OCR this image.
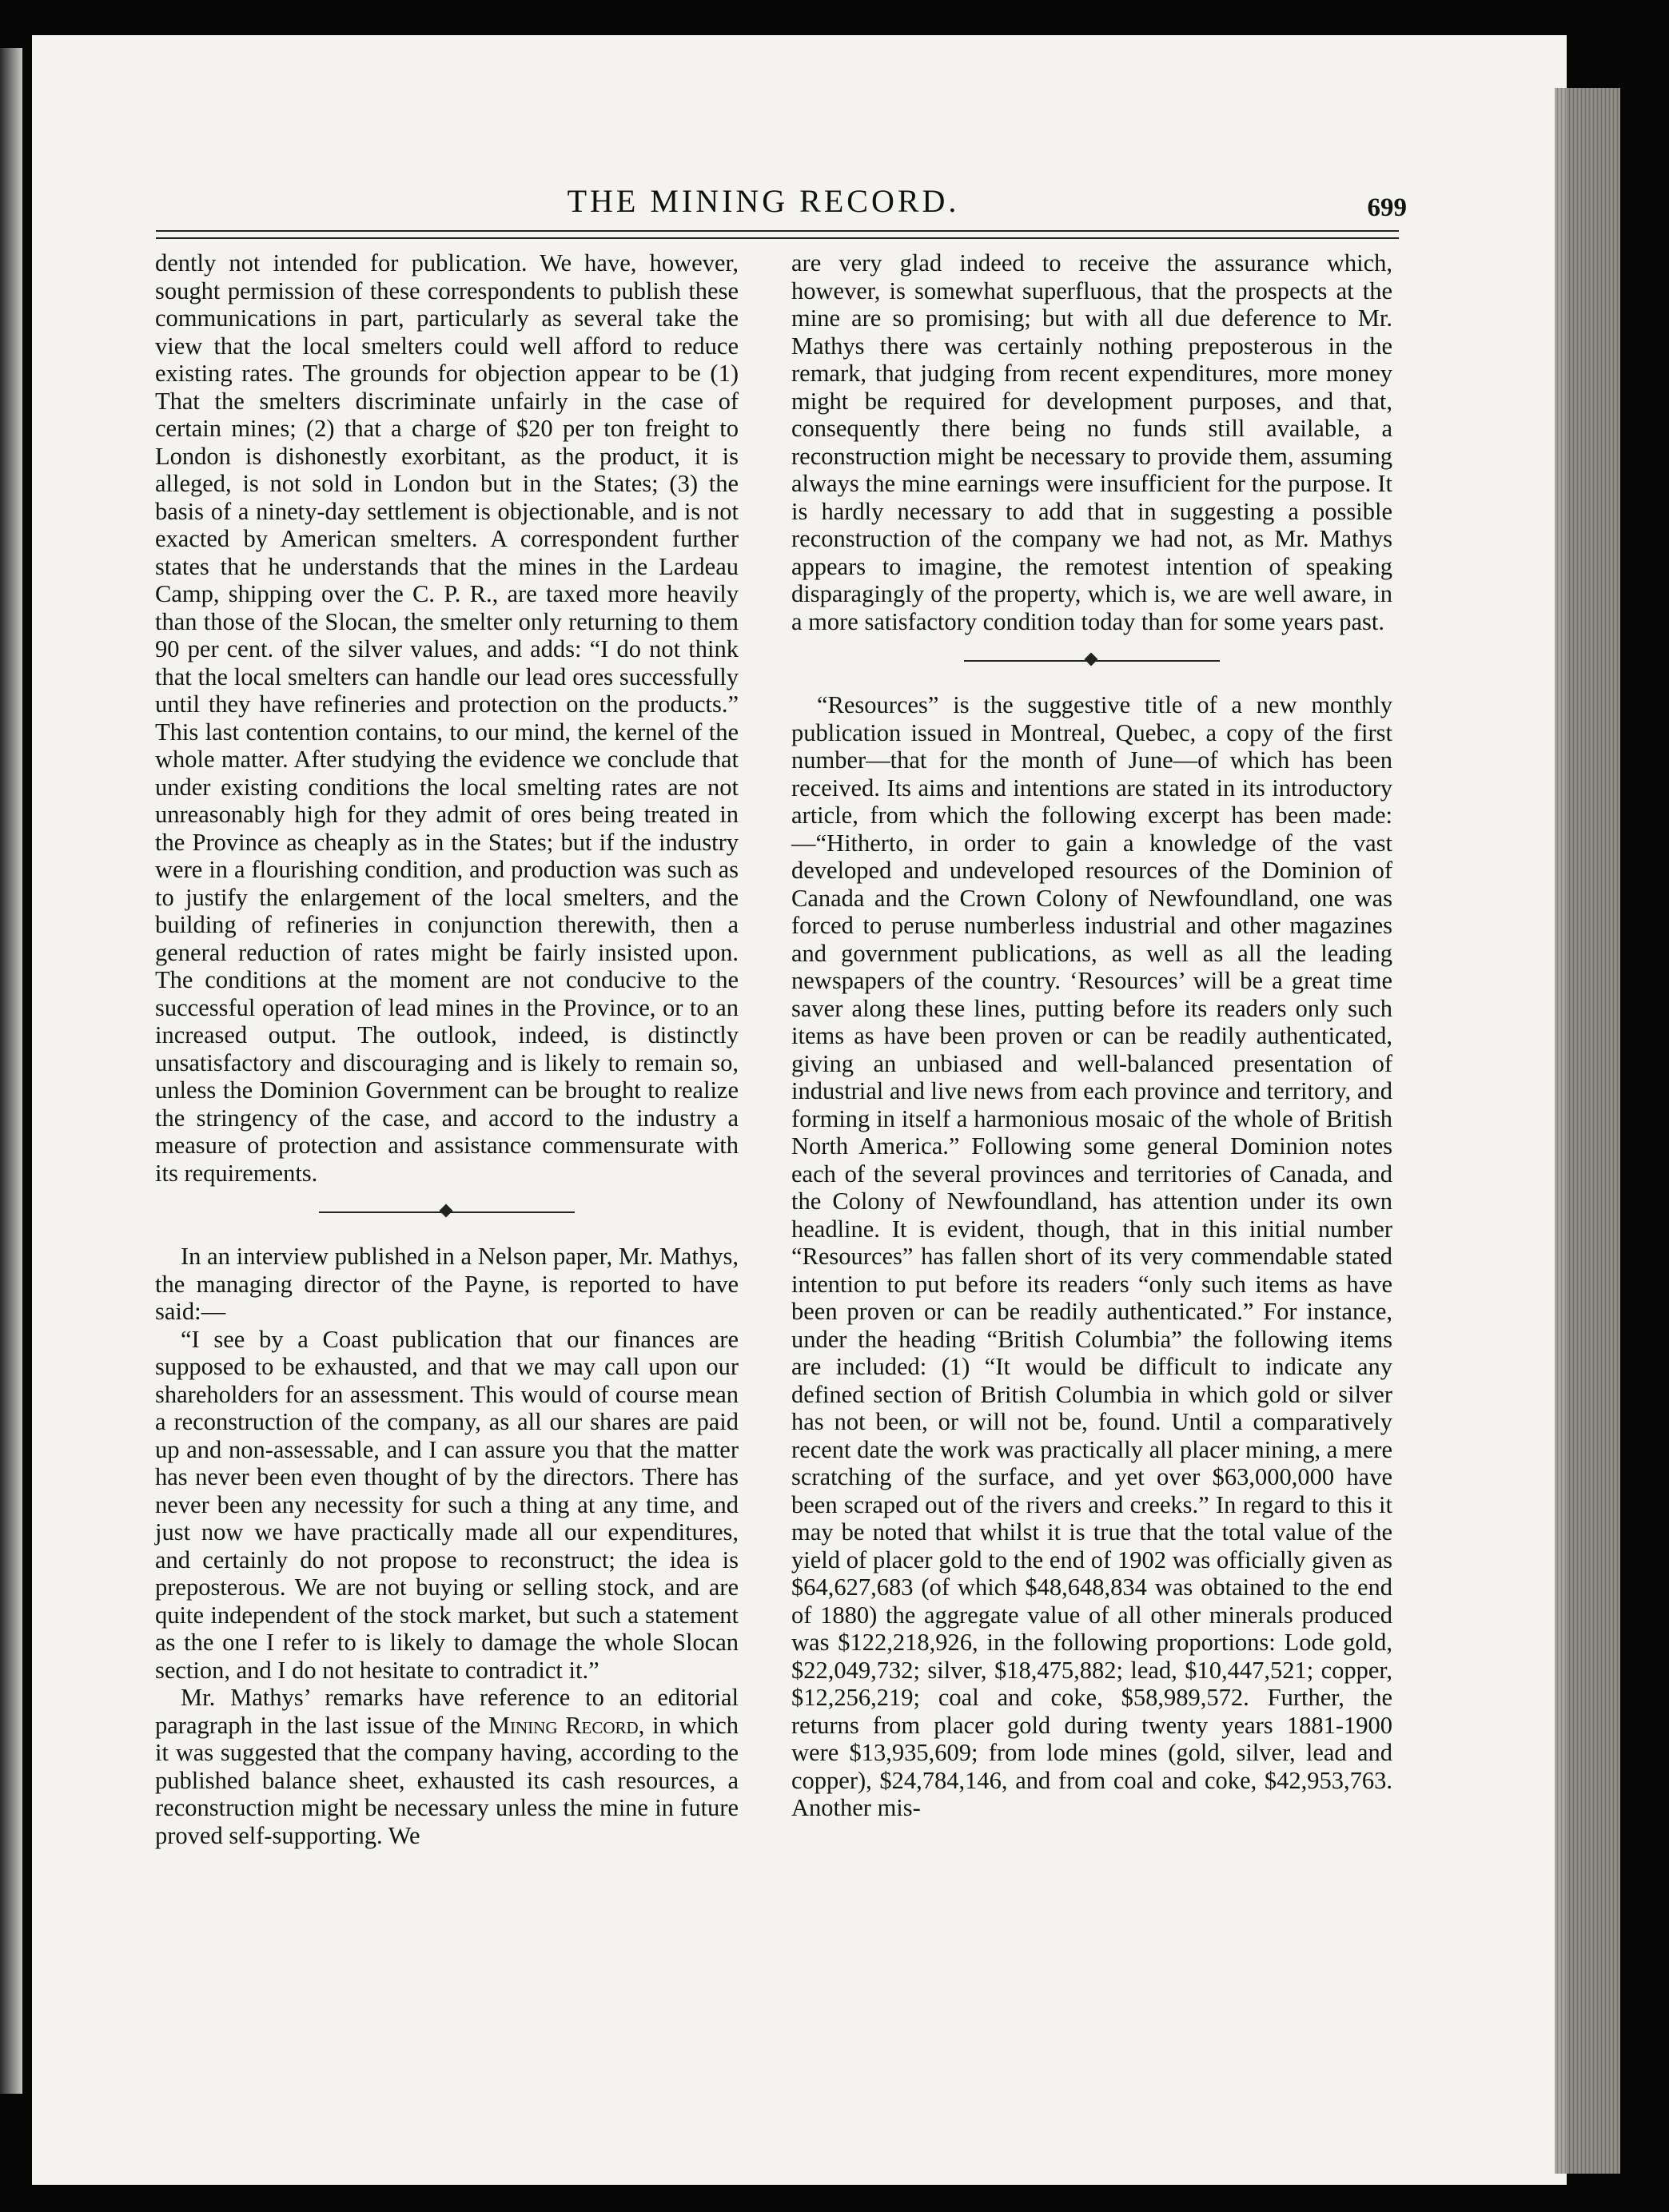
THE MINING RECORD.	699

dently not intended for publication. We have, however, sought permission of these correspondents to publish these communications in part, particularly as several take the view that the local smelters could well afford to reduce existing rates. The grounds for objection appear to be (1) That the smelters discriminate unfairly in the case of certain mines; (2) that a charge of $20 per ton freight to London is dishonestly exorbitant, as the product, it is alleged, is not sold in London but in the States; (3) the basis of a ninety-day settlement is objectionable, and is not exacted by American smelters. A correspondent further states that he understands that the mines in the Lardeau Camp, shipping over the C. P. R., are taxed more heavily than those of the Slocan, the smelter only returning to them 90 per cent. of the silver values, and adds: “I do not think that the local smelters can handle our lead ores successfully until they have refineries and protection on the products.” This last contention contains, to our mind, the kernel of the whole matter. After studying the evidence we conclude that under existing conditions the local smelting rates are not unreasonably high for they admit of ores being treated in the Province as cheaply as in the States; but if the industry were in a flourishing condition, and production was such as to justify the enlargement of the local smelters, and the building of refineries in conjunction therewith, then a general reduction of rates might be fairly insisted upon. The conditions at the moment are not conducive to the successful operation of lead mines in the Province, or to an increased output. The outlook, indeed, is distinctly unsatisfactory and discouraging and is likely to remain so, unless the Dominion Government can be brought to realize the stringency of the case, and accord to the industry a measure of protection and assistance commensurate with its requirements.

In an interview published in a Nelson paper, Mr. Mathys, the managing director of the Payne, is reported to have said:—

“I see by a Coast publication that our finances are supposed to be exhausted, and that we may call upon our shareholders for an assessment. This would of course mean a reconstruction of the company, as all our shares are paid up and non-assessable, and I can assure you that the matter has never been even thought of by the directors. There has never been any necessity for such a thing at any time, and just now we have practically made all our expenditures, and certainly do not propose to reconstruct; the idea is preposterous. We are not buying or selling stock, and are quite independent of the stock market, but such a statement as the one I refer to is likely to damage the whole Slocan section, and I do not hesitate to contradict it.”

Mr. Mathys’ remarks have reference to an editorial paragraph in the last issue of the Mining Record, in which it was suggested that the company having, according to the published balance sheet, exhausted its cash resources, a reconstruction might be necessary unless the mine in future proved self-supporting. We

are very glad indeed to receive the assurance which, however, is somewhat superfluous, that the prospects at the mine are so promising; but with all due deference to Mr. Mathys there was certainly nothing preposterous in the remark, that judging from recent expenditures, more money might be required for development purposes, and that, consequently there being no funds still available, a reconstruction might be necessary to provide them, assuming always the mine earnings were insufficient for the purpose. It is hardly necessary to add that in suggesting a possible reconstruction of the company we had not, as Mr. Mathys appears to imagine, the remotest intention of speaking disparagingly of the property, which is, we are well aware, in a more satisfactory condition today than for some years past.

“Resources” is the suggestive title of a new monthly publication issued in Montreal, Quebec, a copy of the first number—that for the month of June—of which has been received. Its aims and intentions are stated in its introductory article, from which the following excerpt has been made:—“Hitherto, in order to gain a knowledge of the vast developed and undeveloped resources of the Dominion of Canada and the Crown Colony of Newfoundland, one was forced to peruse numberless industrial and other magazines and government publications, as well as all the leading newspapers of the country. ‘Resources’ will be a great time saver along these lines, putting before its readers only such items as have been proven or can be readily authenticated, giving an unbiased and well-balanced presentation of industrial and live news from each province and territory, and forming in itself a harmonious mosaic of the whole of British North America.” Following some general Dominion notes each of the several provinces and territories of Canada, and the Colony of Newfoundland, has attention under its own headline. It is evident, though, that in this initial number “Resources” has fallen short of its very commendable stated intention to put before its readers “only such items as have been proven or can be readily authenticated.” For instance, under the heading “British Columbia” the following items are included: (1) “It would be difficult to indicate any defined section of British Columbia in which gold or silver has not been, or will not be, found. Until a comparatively recent date the work was practically all placer mining, a mere scratching of the surface, and yet over $63,000,000 have been scraped out of the rivers and creeks.” In regard to this it may be noted that whilst it is true that the total value of the yield of placer gold to the end of 1902 was officially given as $64,627,683 (of which $48,648,834 was obtained to the end of 1880) the aggregate value of all other minerals produced was $122,218,926, in the following proportions: Lode gold, $22,049,732; silver, $18,475,882; lead, $10,447,521; copper, $12,256,219; coal and coke, $58,989,572. Further, the returns from placer gold during twenty years 1881-1900 were $13,935,609; from lode mines (gold, silver, lead and copper), $24,784,146, and from coal and coke, $42,953,763. Another mis-
